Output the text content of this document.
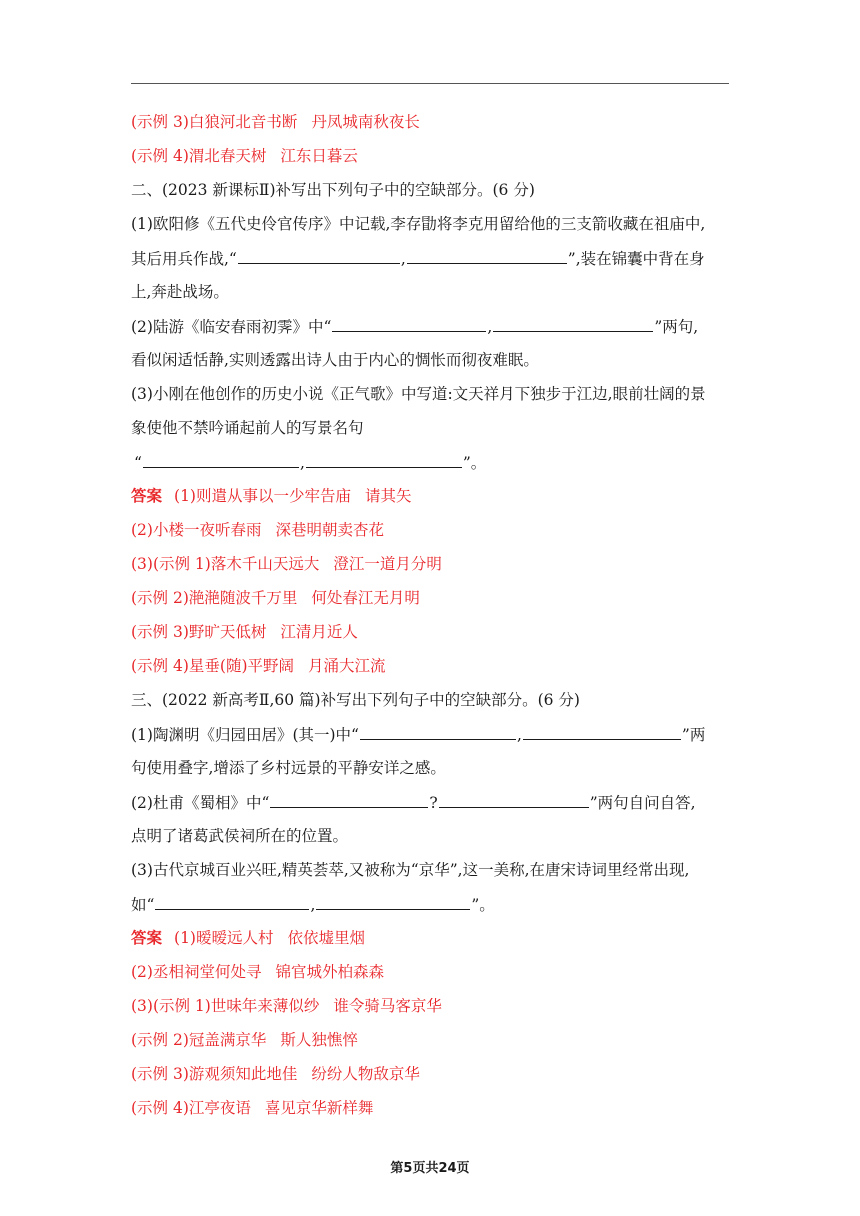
(示例 3)白狼河北音书断 丹凤城南秋夜长
(示例 4)渭北春天树 江东日暮云
二、(2023 新课标Ⅱ)补写出下列句子中的空缺部分。(6 分)
(1)欧阳修《五代史伶官传序》中记载,李存勖将李克用留给他的三支箭收藏在祖庙中,
其后用兵作战,“	,	”,装在锦囊中背在身
上,奔赴战场。
(2)陆游《临安春雨初霁》中“	,	”两句,
看似闲适恬静,实则透露出诗人由于内心的惆怅而彻夜难眠。
(3)小刚在他创作的历史小说《正气歌》中写道:文天祥月下独步于江边,眼前壮阔的景
象使他不禁吟诵起前人的写景名句
“	,	”。
答案 (1)则遣从事以一少牢告庙 请其矢
(2)小楼一夜听春雨 深巷明朝卖杏花
(3)(示例 1)落木千山天远大 澄江一道月分明
(示例 2)滟滟随波千万里 何处春江无月明
(示例 3)野旷天低树 江清月近人
(示例 4)星垂(随)平野阔 月涌大江流
三、(2022 新高考Ⅱ,60 篇)补写出下列句子中的空缺部分。(6 分)
(1)陶渊明《归园田居》(其一)中“	,	”两
句使用叠字,增添了乡村远景的平静安详之感。
(2)杜甫《蜀相》中“	?	”两句自问自答,
点明了诸葛武侯祠所在的位置。
(3)古代京城百业兴旺,精英荟萃,又被称为“京华”,这一美称,在唐宋诗词里经常出现,
如“	,	”。
答案 (1)暧暧远人村 依依墟里烟
(2)丞相祠堂何处寻 锦官城外柏森森
(3)(示例 1)世味年来薄似纱 谁令骑马客京华
(示例 2)冠盖满京华 斯人独憔悴
(示例 3)游观须知此地佳 纷纷人物敌京华
(示例 4)江亭夜语 喜见京华新样舞
第5页共24页
